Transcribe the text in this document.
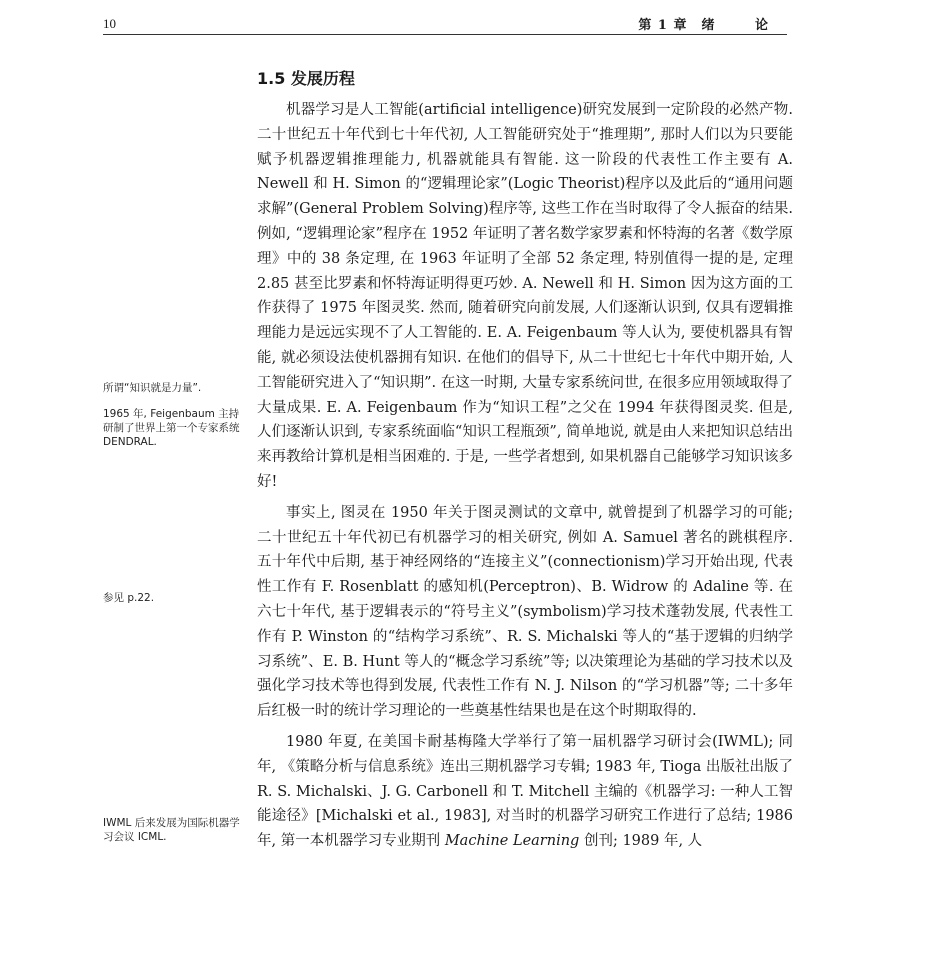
10	第 1 章 绪 论
1.5 发展历程

机器学习是人工智能(artificial intelligence)研究发展到一定阶段的必然产物. 二十世纪五十年代到七十年代初, 人工智能研究处于“推理期”, 那时人们以为只要能赋予机器逻辑推理能力, 机器就能具有智能. 这一阶段的代表性工作主要有 A. Newell 和 H. Simon 的“逻辑理论家”(Logic Theorist)程序以及此后的“通用问题求解”(General Problem Solving)程序等, 这些工作在当时取得了令人振奋的结果. 例如, “逻辑理论家”程序在 1952 年证明了著名数学家罗素和怀特海的名著《数学原理》中的 38 条定理, 在 1963 年证明了全部 52 条定理, 特别值得一提的是, 定理 2.85 甚至比罗素和怀特海证明得更巧妙. A. Newell 和 H. Simon 因为这方面的工作获得了 1975 年图灵奖. 然而, 随着研究向前发展, 人们逐渐认识到, 仅具有逻辑推理能力是远远实现不了人工智能的. E. A. Feigenbaum 等人认为, 要使机器具有智能, 就必须设法使机器拥有知识. 在他们的倡导下, 从二十世纪七十年代中期开始, 人工智能研究进入了“知识期”. 在这一时期, 大量专家系统问世, 在很多应用领域取得了大量成果. E. A. Feigenbaum 作为“知识工程”之父在 1994 年获得图灵奖. 但是, 人们逐渐认识到, 专家系统面临“知识工程瓶颈”, 简单地说, 就是由人来把知识总结出来再教给计算机是相当困难的. 于是, 一些学者想到, 如果机器自己能够学习知识该多好!

事实上, 图灵在 1950 年关于图灵测试的文章中, 就曾提到了机器学习的可能; 二十世纪五十年代初已有机器学习的相关研究, 例如 A. Samuel 著名的跳棋程序. 五十年代中后期, 基于神经网络的“连接主义”(connectionism)学习开始出现, 代表性工作有 F. Rosenblatt 的感知机(Perceptron)、B. Widrow 的 Adaline 等. 在六七十年代, 基于逻辑表示的“符号主义”(symbolism)学习技术蓬勃发展, 代表性工作有 P. Winston 的“结构学习系统”、R. S. Michalski 等人的“基于逻辑的归纳学习系统”、E. B. Hunt 等人的“概念学习系统”等; 以决策理论为基础的学习技术以及强化学习技术等也得到发展, 代表性工作有 N. J. Nilson 的“学习机器”等; 二十多年后红极一时的统计学习理论的一些奠基性结果也是在这个时期取得的.

1980 年夏, 在美国卡耐基梅隆大学举行了第一届机器学习研讨会(IWML); 同年, 《策略分析与信息系统》连出三期机器学习专辑; 1983 年, Tioga 出版社出版了 R. S. Michalski、J. G. Carbonell 和 T. Mitchell 主编的《机器学习: 一种人工智能途径》[Michalski et al., 1983], 对当时的机器学习研究工作进行了总结; 1986 年, 第一本机器学习专业期刊 Machine Learning 创刊; 1989 年, 人

所谓“知识就是力量”.
1965 年, Feigenbaum 主持研制了世界上第一个专家系统 DENDRAL.
参见 p.22.
IWML 后来发展为国际机器学习会议 ICML.
